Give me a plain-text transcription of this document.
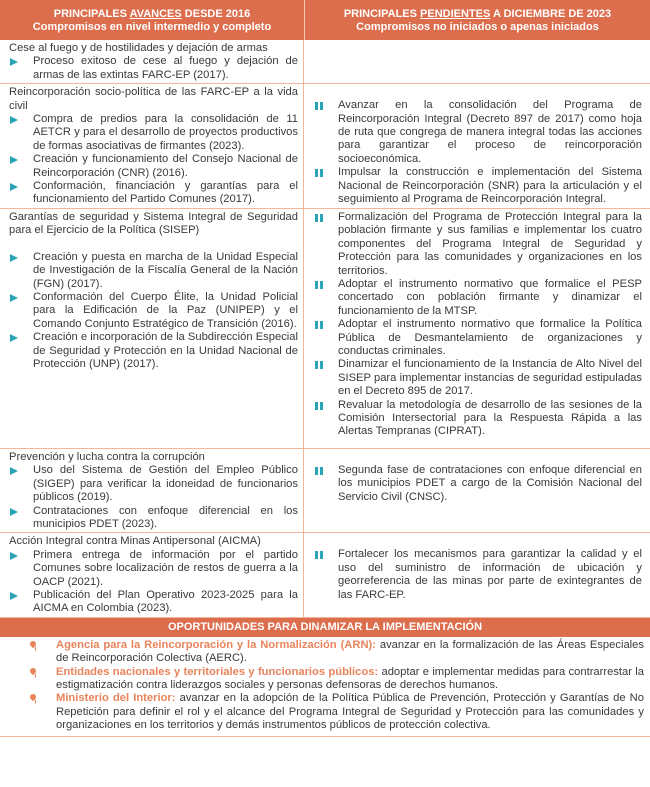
PRINCIPALES AVANCES DESDE 2016
Compromisos en nivel intermedio y completo
PRINCIPALES PENDIENTES A DICIEMBRE DE 2023
Compromisos no iniciados o apenas iniciados
Cese al fuego y de hostilidades y dejación de armas
Proceso exitoso de cese al fuego y dejación de armas de las extintas FARC-EP (2017).
Reincorporación socio-política de las FARC-EP a la vida civil
Compra de predios para la consolidación de 11 AETCR y para el desarrollo de proyectos productivos de formas asociativas de firmantes (2023).
Creación y funcionamiento del Consejo Nacional de Reincorporación (CNR) (2016).
Conformación, financiación y garantías para el funcionamiento del Partido Comunes (2017).
Avanzar en la consolidación del Programa de Reincorporación Integral (Decreto 897 de 2017) como hoja de ruta que congrega de manera integral todas las acciones para garantizar el proceso de reincorporación socioeconómica.
Impulsar la construcción e implementación del Sistema Nacional de Reincorporación (SNR) para la articulación y el seguimiento al Programa de Reincorporación Integral.
Garantías de seguridad y Sistema Integral de Seguridad para el Ejercicio de la Política (SISEP)
Creación y puesta en marcha de la Unidad Especial de Investigación de la Fiscalía General de la Nación (FGN) (2017).
Conformación del Cuerpo Élite, la Unidad Policial para la Edificación de la Paz (UNIPEP) y el Comando Conjunto Estratégico de Transición (2016).
Creación e incorporación de la Subdirección Especial de Seguridad y Protección en la Unidad Nacional de Protección (UNP) (2017).
Formalización del Programa de Protección Integral para la población firmante y sus familias e implementar los cuatro componentes del Programa Integral de Seguridad y Protección para las comunidades y organizaciones en los territorios.
Adoptar el instrumento normativo que formalice el PESP concertado con población firmante y dinamizar el funcionamiento de la MTSP.
Adoptar el instrumento normativo que formalice la Política Pública de Desmantelamiento de organizaciones y conductas criminales.
Dinamizar el funcionamiento de la Instancia de Alto Nivel del SISEP para implementar instancias de seguridad estipuladas en el Decreto 895 de 2017.
Revaluar la metodología de desarrollo de las sesiones de la Comisión Intersectorial para la Respuesta Rápida a las Alertas Tempranas (CIPRAT).
Prevención y lucha contra la corrupción
Uso del Sistema de Gestión del Empleo Público (SIGEP) para verificar la idoneidad de funcionarios públicos (2019).
Contrataciones con enfoque diferencial en los municipios PDET (2023).
Segunda fase de contrataciones con enfoque diferencial en los municipios PDET a cargo de la Comisión Nacional del Servicio Civil (CNSC).
Acción Integral contra Minas Antipersonal (AICMA)
Primera entrega de información por el partido Comunes sobre localización de restos de guerra a la OACP (2021).
Publicación del Plan Operativo 2023-2025 para la AICMA en Colombia (2023).
Fortalecer los mecanismos para garantizar la calidad y el uso del suministro de información de ubicación y georreferencia de las minas por parte de exintegrantes de las FARC-EP.
OPORTUNIDADES PARA DINAMIZAR LA IMPLEMENTACIÓN
Agencia para la Reincorporación y la Normalización (ARN): avanzar en la formalización de las Áreas Especiales de Reincorporación Colectiva (AERC).
Entidades nacionales y territoriales y funcionarios públicos: adoptar e implementar medidas para contrarrestar la estigmatización contra liderazgos sociales y personas defensoras de derechos humanos.
Ministerio del Interior: avanzar en la adopción de la Política Pública de Prevención, Protección y Garantías de No Repetición para definir el rol y el alcance del Programa Integral de Seguridad y Protección para las comunidades y organizaciones en los territorios y demás instrumentos públicos de protección colectiva.
